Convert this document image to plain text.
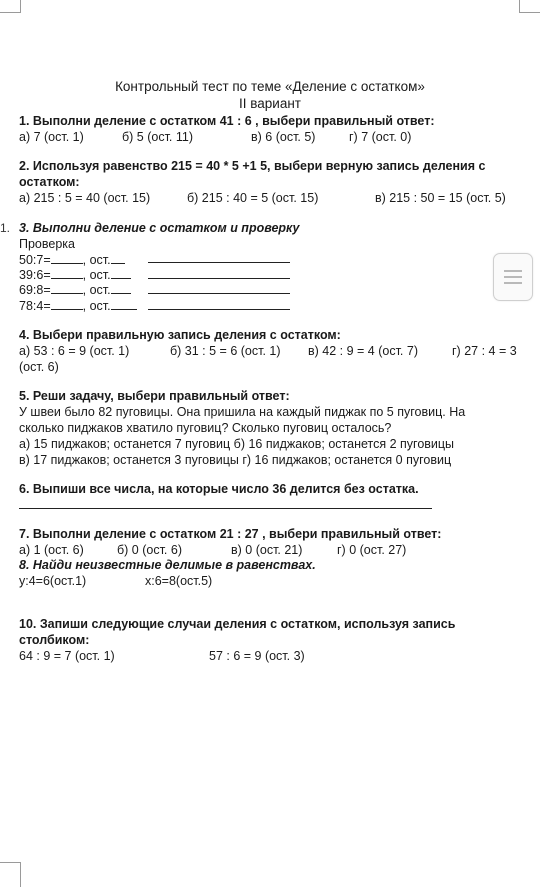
Контрольный тест по теме «Деление с остатком»
II вариант
1. Выполни деление с остатком 41 : 6 , выбери правильный ответ:
а) 7 (ост. 1)	б) 5 (ост. 11)	в) 6 (ост. 5)	г) 7 (ост. 0)
2. Используя равенство 215 = 40 * 5 +1 5, выбери верную запись деления с
остатком:
а) 215 : 5 = 40 (ост. 15)	б) 215 : 40 = 5 (ост. 15)	в) 215 : 50 = 15 (ост. 5)
1. 3. Выполни деление с остатком и проверку
Проверка
50:7=	, ост.
39:6=	, ост.
69:8=	, ост.
78:4=	, ост.
4. Выбери правильную запись деления с остатком:
а) 53 : 6 = 9 (ост. 1)	б) 31 : 5 = 6 (ост. 1) в) 42 : 9 = 4 (ост. 7)	г) 27 : 4 = 3
(ост. 6)
5. Реши задачу, выбери правильный ответ:
У швеи было 82 пуговицы. Она пришила на каждый пиджак по 5 пуговиц. На
сколько пиджаков хватило пуговиц? Сколько пуговиц осталось?
а) 15 пиджаков; останется 7 пуговиц б) 16 пиджаков; останется 2 пуговицы
в) 17 пиджаков; останется 3 пуговицы г) 16 пиджаков; останется 0 пуговиц
6. Выпиши все числа, на которые число 36 делится без остатка.
7. Выполни деление с остатком 21 : 27 , выбери правильный ответ:
а) 1 (ост. 6)	б) 0 (ост. 6)	в) 0 (ост. 21)	г) 0 (ост. 27)
8. Найди неизвестные делимые в равенствах.
у:4=6(ост.1)	х:6=8(ост.5)
10. Запиши следующие случаи деления с остатком, используя запись
столбиком:
64 : 9 = 7 (ост. 1)	57 : 6 = 9 (ост. 3)
